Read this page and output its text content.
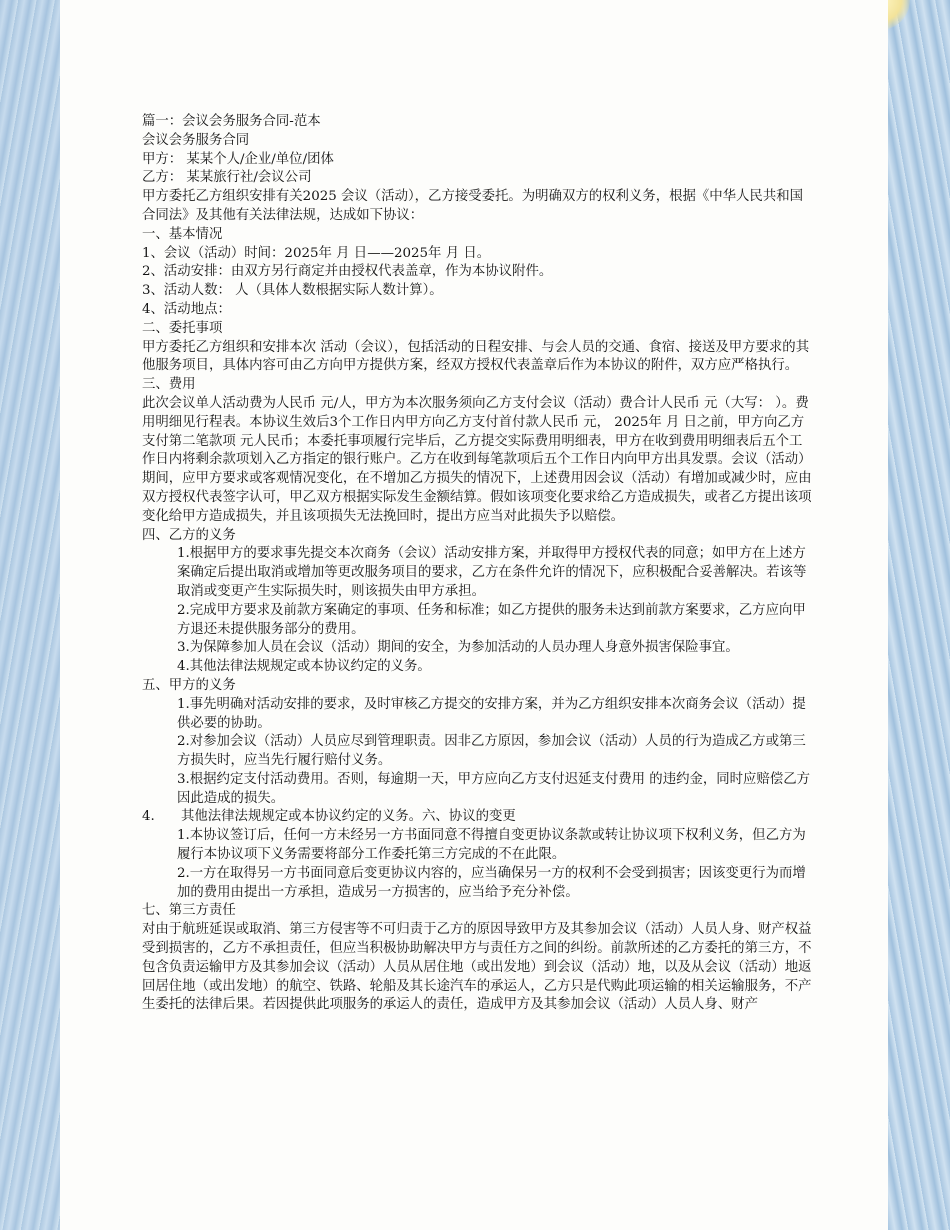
篇一：会议会务服务合同-范本

会议会务服务合同

甲方： 某某个人/企业/单位/团体

乙方： 某某旅行社/会议公司

甲方委托乙方组织安排有关2025 会议（活动），乙方接受委托。为明确双方的权利义务，根据《中华人民共和国合同法》及其他有关法律法规，达成如下协议：

一、基本情况

1、会议（活动）时间：2025年 月 日——2025年 月 日。

2、活动安排：由双方另行商定并由授权代表盖章，作为本协议附件。

3、活动人数： 人（具体人数根据实际人数计算）。

4、活动地点：

二、委托事项

甲方委托乙方组织和安排本次 活动（会议），包括活动的日程安排、与会人员的交通、食宿、接送及甲方要求的其他服务项目，具体内容可由乙方向甲方提供方案，经双方授权代表盖章后作为本协议的附件，双方应严格执行。

三、费用

此次会议单人活动费为人民币 元/人，甲方为本次服务须向乙方支付会议（活动）费合计人民币 元（大写： ）。费用明细见行程表。本协议生效后3个工作日内甲方向乙方支付首付款人民币 元， 2025年 月 日之前，甲方向乙方支付第二笔款项 元人民币；本委托事项履行完毕后，乙方提交实际费用明细表，甲方在收到费用明细表后五个工作日内将剩余款项划入乙方指定的银行账户。乙方在收到每笔款项后五个工作日内向甲方出具发票。会议（活动）期间，应甲方要求或客观情况变化，在不增加乙方损失的情况下，上述费用因会议（活动）有增加或减少时，应由双方授权代表签字认可，甲乙双方根据实际发生金额结算。假如该项变化要求给乙方造成损失，或者乙方提出该项变化给甲方造成损失，并且该项损失无法挽回时，提出方应当对此损失予以赔偿。

四、乙方的义务

1.根据甲方的要求事先提交本次商务（会议）活动安排方案，并取得甲方授权代表的同意；如甲方在上述方案确定后提出取消或增加等更改服务项目的要求，乙方在条件允许的情况下，应积极配合妥善解决。若该等取消或变更产生实际损失时，则该损失由甲方承担。

2.完成甲方要求及前款方案确定的事项、任务和标准；如乙方提供的服务未达到前款方案要求，乙方应向甲方退还未提供服务部分的费用。

3.为保障参加人员在会议（活动）期间的安全，为参加活动的人员办理人身意外损害保险事宜。

4.其他法律法规规定或本协议约定的义务。

五、甲方的义务

1.事先明确对活动安排的要求，及时审核乙方提交的安排方案，并为乙方组织安排本次商务会议（活动）提供必要的协助。

2.对参加会议（活动）人员应尽到管理职责。因非乙方原因，参加会议（活动）人员的行为造成乙方或第三方损失时，应当先行履行赔付义务。

3.根据约定支付活动费用。否则，每逾期一天，甲方应向乙方支付迟延支付费用 的违约金，同时应赔偿乙方因此造成的损失。

4.	其他法律法规规定或本协议约定的义务。六、协议的变更

1.本协议签订后，任何一方未经另一方书面同意不得擅自变更协议条款或转让协议项下权利义务，但乙方为履行本协议项下义务需要将部分工作委托第三方完成的不在此限。

2.一方在取得另一方书面同意后变更协议内容的，应当确保另一方的权利不会受到损害；因该变更行为而增加的费用由提出一方承担，造成另一方损害的，应当给予充分补偿。

七、第三方责任

对由于航班延误或取消、第三方侵害等不可归责于乙方的原因导致甲方及其参加会议（活动）人员人身、财产权益受到损害的，乙方不承担责任，但应当积极协助解决甲方与责任方之间的纠纷。前款所述的乙方委托的第三方，不包含负责运输甲方及其参加会议（活动）人员从居住地（或出发地）到会议（活动）地，以及从会议（活动）地返回居住地（或出发地）的航空、铁路、轮船及其长途汽车的承运人，乙方只是代购此项运输的相关运输服务，不产生委托的法律后果。若因提供此项服务的承运人的责任，造成甲方及其参加会议（活动）人员人身、财产
